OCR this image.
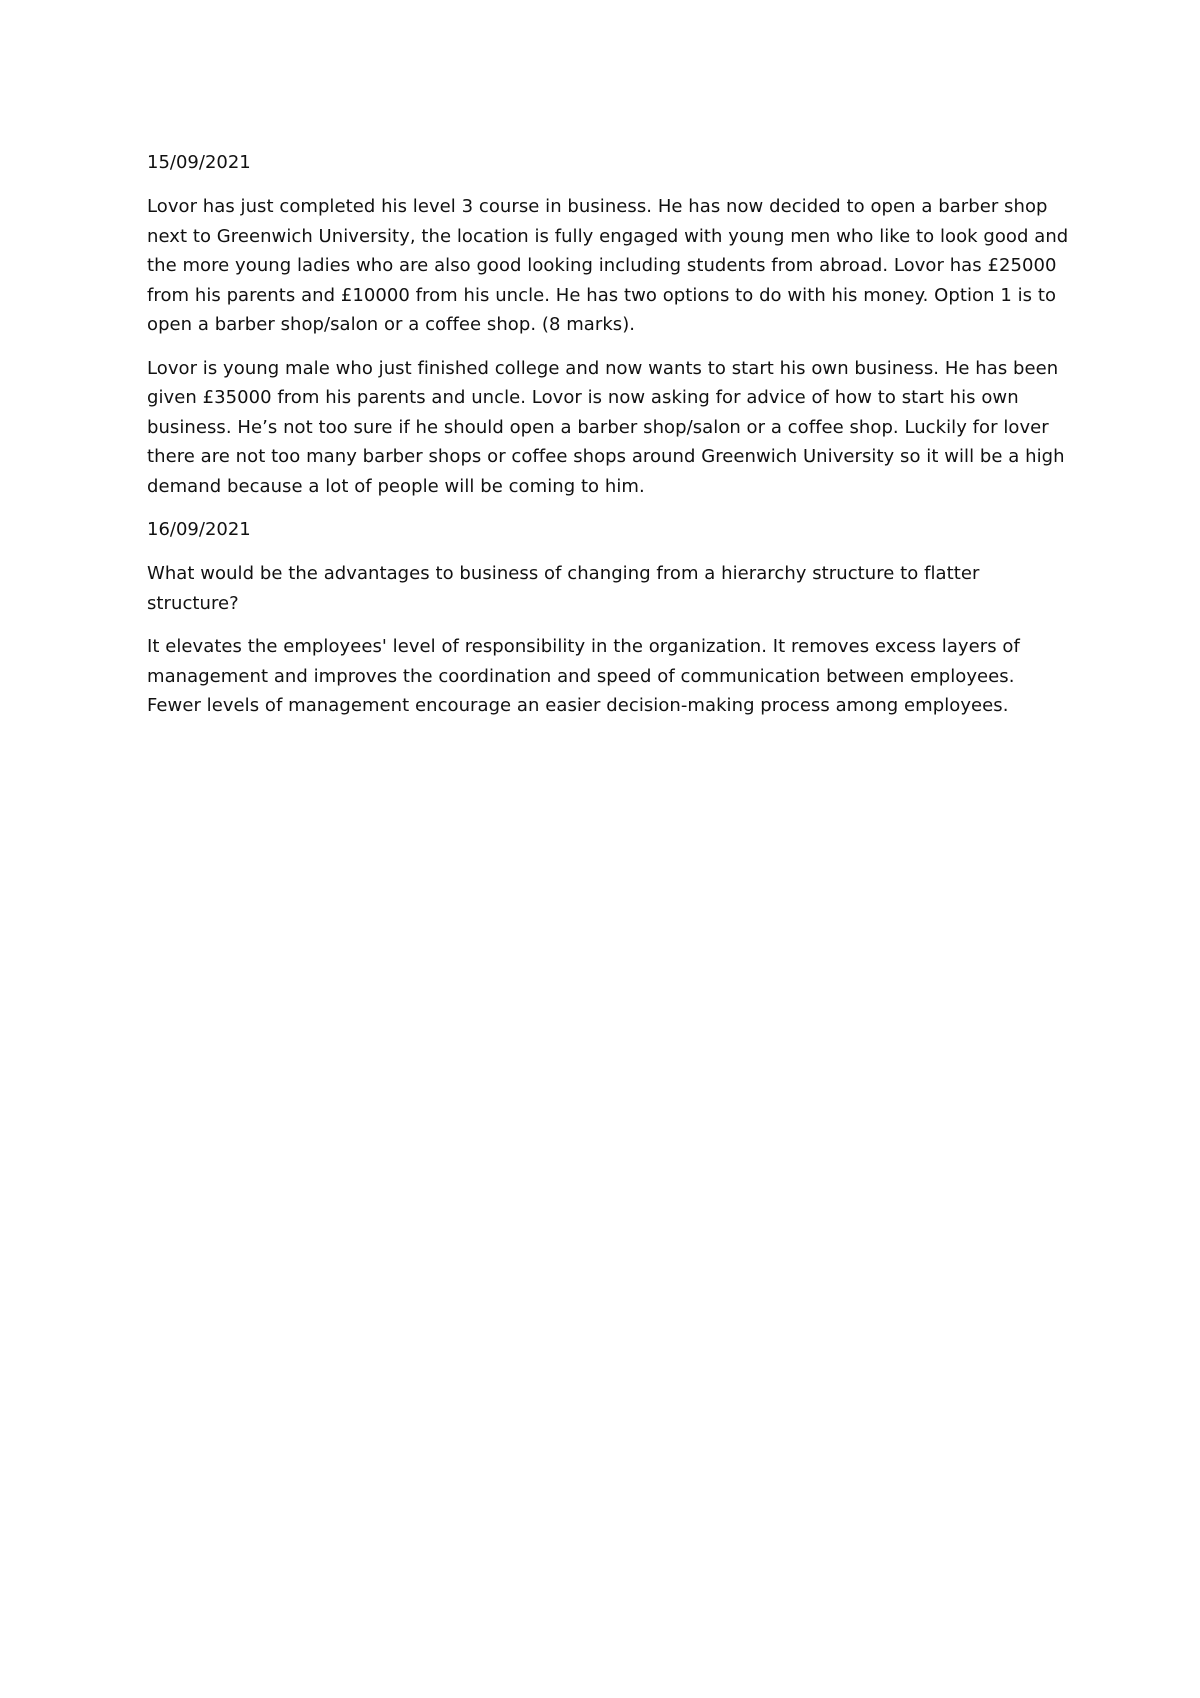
15/09/2021
Lovor has just completed his level 3 course in business. He has now decided to open a barber shop
next to Greenwich University, the location is fully engaged with young men who like to look good and
the more young ladies who are also good looking including students from abroad. Lovor has £25000
from his parents and £10000 from his uncle. He has two options to do with his money. Option 1 is to
open a barber shop/salon or a coffee shop. (8 marks).
Lovor is young male who just finished college and now wants to start his own business. He has been
given £35000 from his parents and uncle. Lovor is now asking for advice of how to start his own
business. He’s not too sure if he should open a barber shop/salon or a coffee shop. Luckily for lover
there are not too many barber shops or coffee shops around Greenwich University so it will be a high
demand because a lot of people will be coming to him.
16/09/2021
What would be the advantages to business of changing from a hierarchy structure to flatter
structure?
It elevates the employees' level of responsibility in the organization. It removes excess layers of
management and improves the coordination and speed of communication between employees.
Fewer levels of management encourage an easier decision-making process among employees.
